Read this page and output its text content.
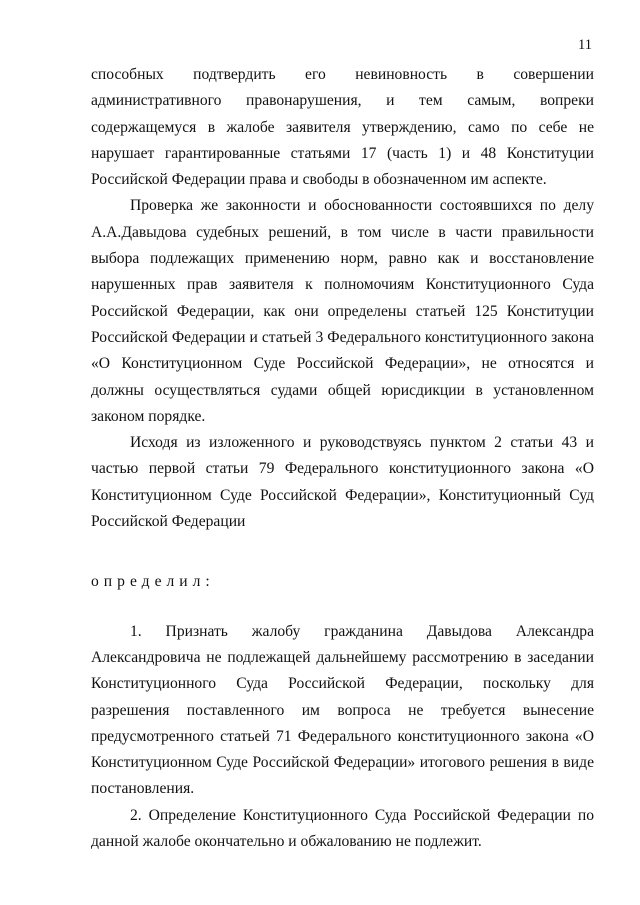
11

способных подтвердить его невиновность в совершении административного правонарушения, и тем самым, вопреки содержащемуся в жалобе заявителя утверждению, само по себе не нарушает гарантированные статьями 17 (часть 1) и 48 Конституции Российской Федерации права и свободы в обозначенном им аспекте.

Проверка же законности и обоснованности состоявшихся по делу А.А.Давыдова судебных решений, в том числе в части правильности выбора подлежащих применению норм, равно как и восстановление нарушенных прав заявителя к полномочиям Конституционного Суда Российской Федерации, как они определены статьей 125 Конституции Российской Федерации и статьей 3 Федерального конституционного закона «О Конституционном Суде Российской Федерации», не относятся и должны осуществляться судами общей юрисдикции в установленном законом порядке.

Исходя из изложенного и руководствуясь пунктом 2 статьи 43 и частью первой статьи 79 Федерального конституционного закона «О Конституционном Суде Российской Федерации», Конституционный Суд Российской Федерации

определил:

1. Признать жалобу гражданина Давыдова Александра Александровича не подлежащей дальнейшему рассмотрению в заседании Конституционного Суда Российской Федерации, поскольку для разрешения поставленного им вопроса не требуется вынесение предусмотренного статьей 71 Федерального конституционного закона «О Конституционном Суде Российской Федерации» итогового решения в виде постановления.

2. Определение Конституционного Суда Российской Федерации по данной жалобе окончательно и обжалованию не подлежит.
